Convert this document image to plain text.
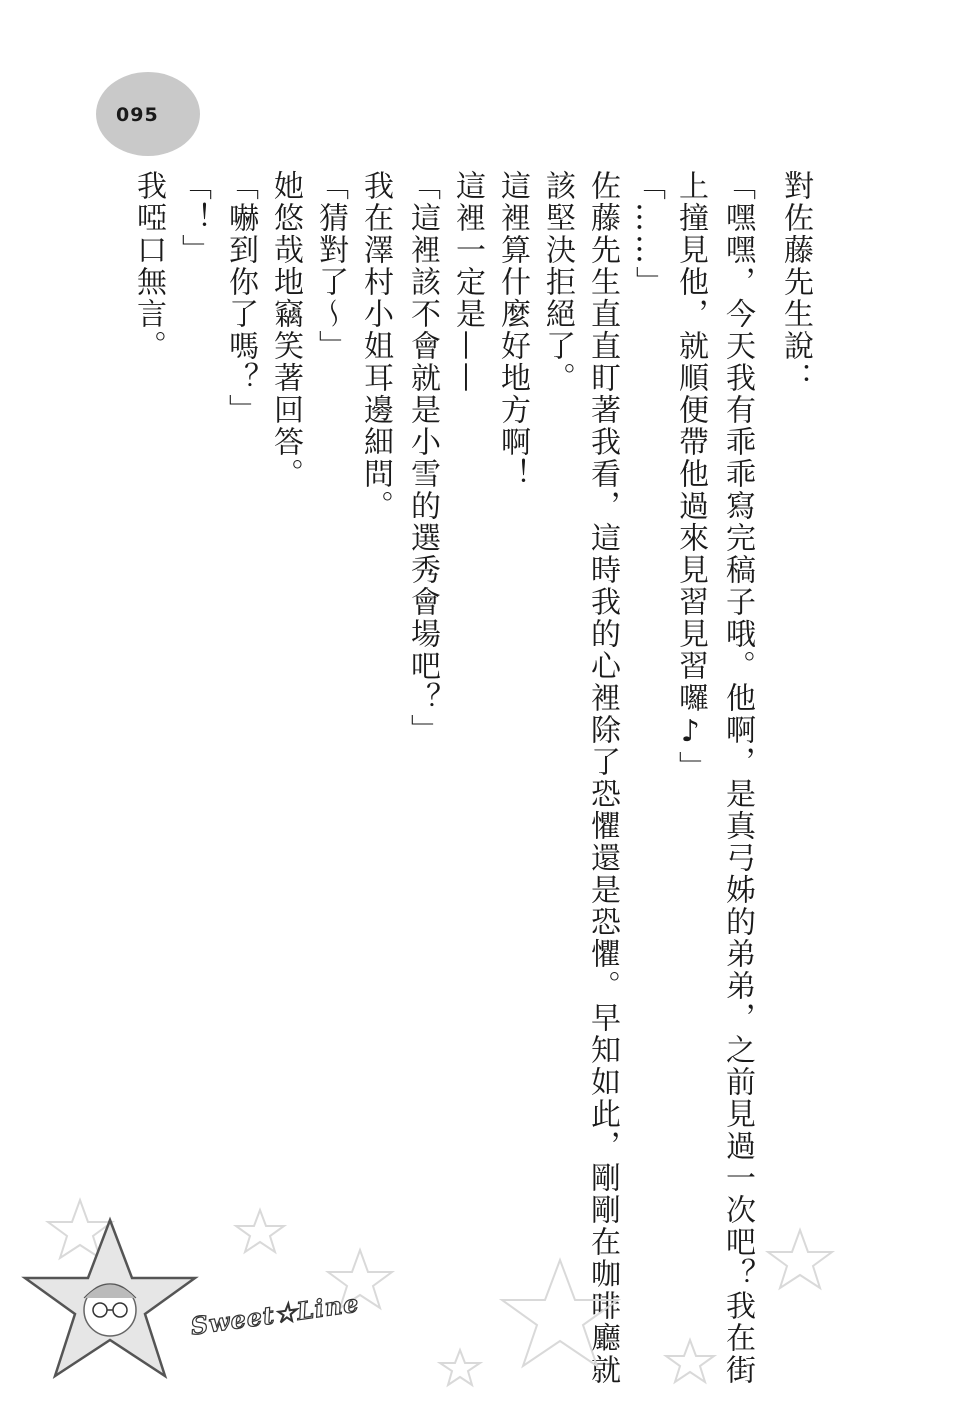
095
對佐藤先生說：
「嘿嘿，今天我有乖乖寫完稿子哦。他啊，是真弓姊的弟弟，之前見過一次吧？我在街
上撞見他，就順便帶他過來見習見習囉♪」
「……」
佐藤先生直直盯著我看，這時我的心裡除了恐懼還是恐懼。早知如此，剛剛在咖啡廳就
該堅決拒絕了。
這裡算什麼好地方啊！
這裡一定是——
「這裡該不會就是小雪的選秀會場吧？」
我在澤村小姐耳邊細問。
「猜對了～」
她悠哉地竊笑著回答。
「嚇到你了嗎？」
「！」
我啞口無言。
Sweet★Line
